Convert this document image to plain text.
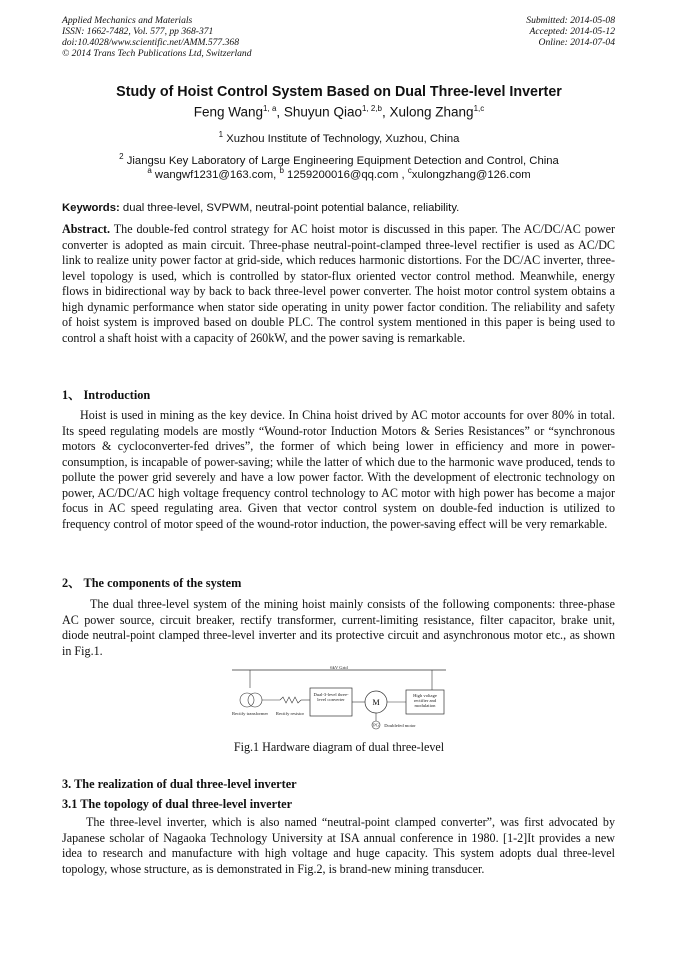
Applied Mechanics and Materials
ISSN: 1662-7482, Vol. 577, pp 368-371
doi:10.4028/www.scientific.net/AMM.577.368
© 2014 Trans Tech Publications Ltd, Switzerland
Submitted: 2014-05-08
Accepted: 2014-05-12
Online: 2014-07-04
Study of Hoist Control System Based on Dual Three-level Inverter
Feng Wang$^{1, a}$, Shuyun Qiao$^{1, 2,b}$, Xulong Zhang$^{1,c}$
$^1$ Xuzhou Institute of Technology, Xuzhou, China
$^2$ Jiangsu Key Laboratory of Large Engineering Equipment Detection and Control, China
$^a$ wangwf1231@163.com, $^b$ 1259200016@qq.com , $^c$xulongzhang@126.com
Keywords: dual three-level, SVPWM, neutral-point potential balance, reliability.
Abstract. The double-fed control strategy for AC hoist motor is discussed in this paper. The AC/DC/AC power converter is adopted as main circuit. Three-phase neutral-point-clamped three-level rectifier is used as AC/DC link to realize unity power factor at grid-side, which reduces harmonic distortions. For the DC/AC inverter, three-level topology is used, which is controlled by stator-flux oriented vector control method. Meanwhile, energy flows in bidirectional way by back to back three-level power converter. The hoist motor control system obtains a high dynamic performance when stator side operating in unity power factor condition. The reliability and safety of hoist system is improved based on double PLC. The control system mentioned in this paper is being used to control a shaft hoist with a capacity of 260kW, and the power saving is remarkable.
1、 Introduction
Hoist is used in mining as the key device. In China hoist drived by AC motor accounts for over 80% in total. Its speed regulating models are mostly “Wound-rotor Induction Motors & Series Resistances” or “synchronous motors & cycloconverter-fed drives”, the former of which being lower in efficiency and more in power-consumption, is incapable of power-saving; while the latter of which due to the harmonic wave produced, tends to pollute the power grid severely and have a low power factor. With the development of electronic technology on power, AC/DC/AC high voltage frequency control technology to AC motor with high power has become a major focus in AC speed regulating area. Given that vector control system on double-fed induction is utilized to frequency control of motor speed of the wound-rotor induction, the power-saving effect will be very remarkable.
2、 The components of the system
The dual three-level system of the mining hoist mainly consists of the following components: three-phase AC power source, circuit breaker, rectify transformer, current-limiting resistance, filter capacitor, brake unit, diode neutral-point clamped three-level inverter and its protective circuit and asynchronous motor etc., as shown in Fig.1.
6kV Grid
Rectify transformer Rectify resistor
Dual-3-level three-level converter	M
PG Doublefed motor
High voltage rectifier and modulation
Fig.1 Hardware diagram of dual three-level
3. The realization of dual three-level inverter
3.1 The topology of dual three-level inverter
The three-level inverter, which is also named “neutral-point clamped converter”, was first advocated by Japanese scholar of Nagaoka Technology University at ISA annual conference in 1980. [1-2]It provides a new idea to research and manufacture with high voltage and huge capacity. This system adopts dual three-level topology, whose structure, as is demonstrated in Fig.2, is brand-new mining transducer.
